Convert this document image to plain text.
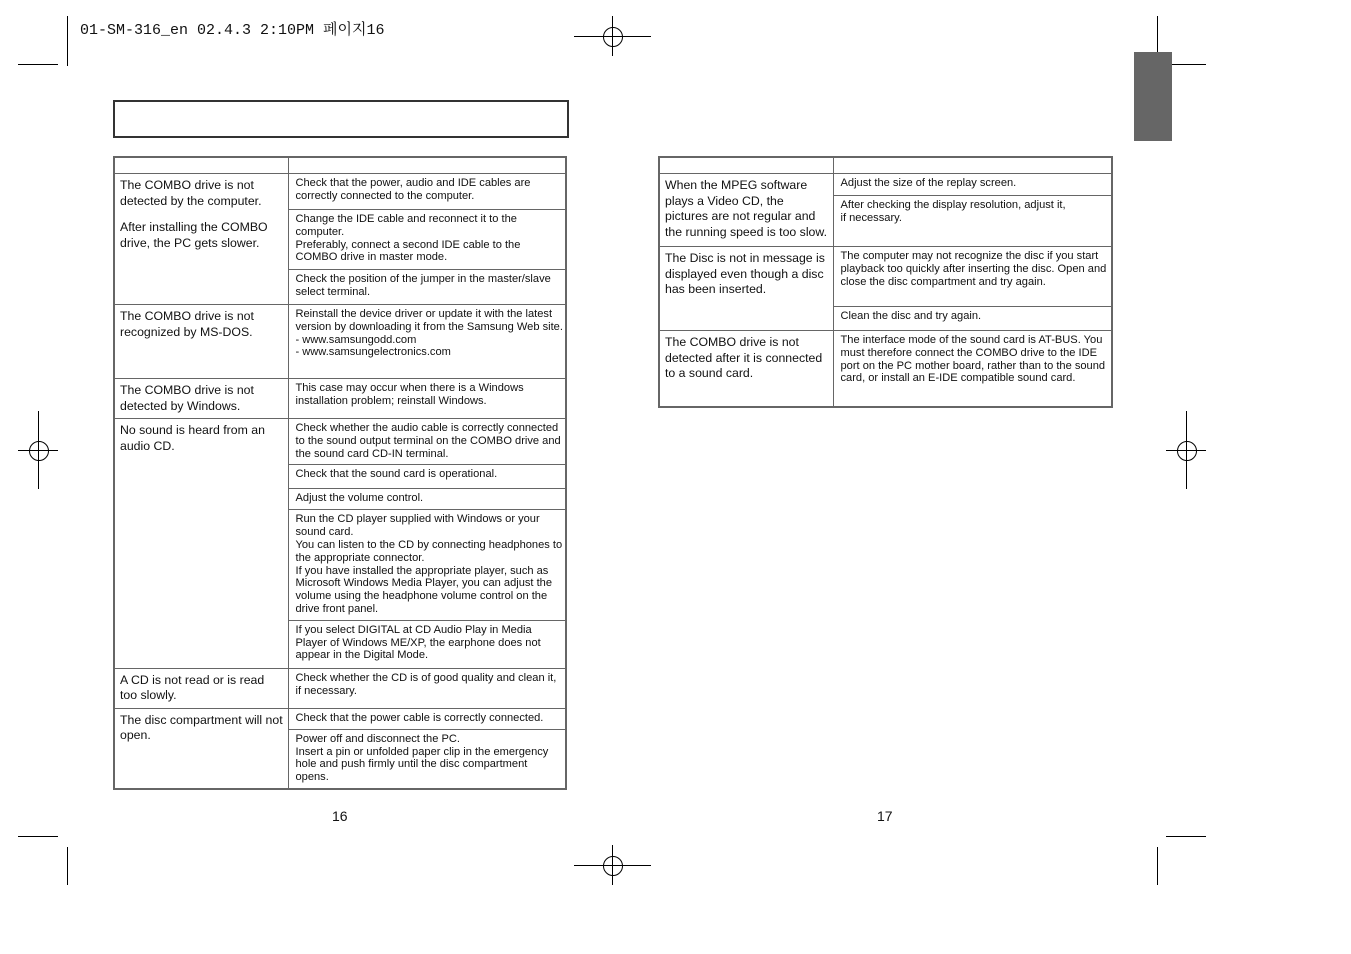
01-SM-316_en 02.4.3 2:10PM 페이지16

The COMBO drive is not detected by the computer.

After installing the COMBO drive, the PC gets slower.	Check that the power, audio and IDE cables are correctly connected to the computer.
	Change the IDE cable and reconnect it to the computer.
Preferably, connect a second IDE cable to the COMBO drive in master mode.
	Check the position of the jumper in the master/slave select terminal.

The COMBO drive is not recognized by MS-DOS.	Reinstall the device driver or update it with the latest version by downloading it from the Samsung Web site.
- www.samsungodd.com
- www.samsungelectronics.com

The COMBO drive is not detected by Windows.	This case may occur when there is a Windows installation problem; reinstall Windows.

No sound is heard from an audio CD.	Check whether the audio cable is correctly connected to the sound output terminal on the COMBO drive and the sound card CD-IN terminal.
	Check that the sound card is operational.
	Adjust the volume control.
	Run the CD player supplied with Windows or your sound card.
You can listen to the CD by connecting headphones to the appropriate connector.
If you have installed the appropriate player, such as Microsoft Windows Media Player, you can adjust the volume using the headphone volume control on the drive front panel.
	If you select DIGITAL at CD Audio Play in Media Player of Windows ME/XP, the earphone does not appear in the Digital Mode.

A CD is not read or is read too slowly.	Check whether the CD is of good quality and clean it, if necessary.

The disc compartment will not open.	Check that the power cable is correctly connected.
	Power off and disconnect the PC.
Insert a pin or unfolded paper clip in the emergency hole and push firmly until the disc compartment opens.

When the MPEG software plays a Video CD, the pictures are not regular and the running speed is too slow.	Adjust the size of the replay screen.
	After checking the display resolution, adjust it,
if necessary.

The Disc is not in message is displayed even though a disc has been inserted.	The computer may not recognize the disc if you start playback too quickly after inserting the disc. Open and close the disc compartment and try again.
	Clean the disc and try again.

The COMBO drive is not detected after it is connected to a sound card.	The interface mode of the sound card is AT-BUS. You must therefore connect the COMBO drive to the IDE port on the PC mother board, rather than to the sound card, or install an E-IDE compatible sound card.
16	17
